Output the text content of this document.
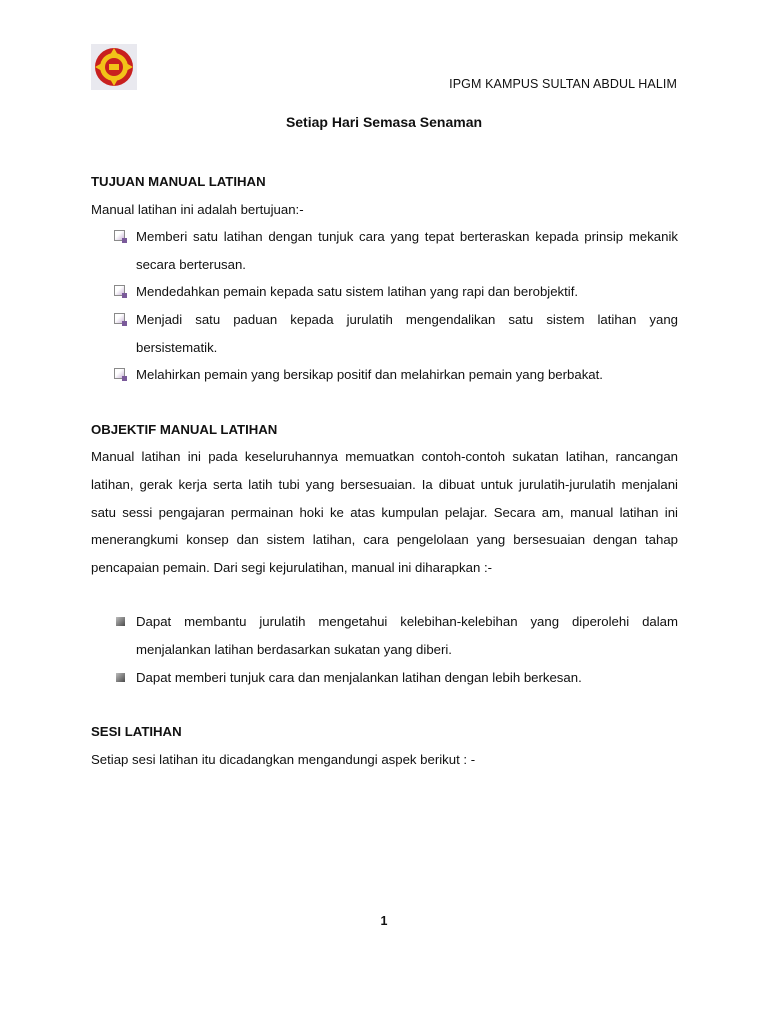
IPGM KAMPUS SULTAN ABDUL HALIM
Setiap Hari Semasa Senaman
TUJUAN MANUAL LATIHAN

Manual latihan ini adalah bertujuan:-

Memberi satu latihan dengan tunjuk cara yang tepat berteraskan kepada prinsip mekanik secara berterusan.
Mendedahkan pemain kepada satu sistem latihan yang rapi dan berobjektif.
Menjadi satu paduan kepada jurulatih mengendalikan satu sistem latihan yang bersistematik.
Melahirkan pemain yang bersikap positif dan melahirkan pemain yang berbakat.
OBJEKTIF MANUAL LATIHAN

Manual latihan ini pada keseluruhannya memuatkan contoh-contoh sukatan latihan, rancangan latihan, gerak kerja serta latih tubi yang bersesuaian. Ia dibuat untuk jurulatih-jurulatih menjalani satu sessi pengajaran permainan hoki ke atas kumpulan pelajar. Secara am, manual latihan ini menerangkumi konsep dan sistem latihan, cara pengelolaan yang bersesuaian dengan tahap pencapaian pemain. Dari segi kejurulatihan, manual ini diharapkan :-

Dapat membantu jurulatih mengetahui kelebihan-kelebihan yang diperolehi dalam menjalankan latihan berdasarkan sukatan yang diberi.
Dapat memberi tunjuk cara dan menjalankan latihan dengan lebih berkesan.
SESI LATIHAN

Setiap sesi latihan itu dicadangkan mengandungi aspek berikut : -

1
